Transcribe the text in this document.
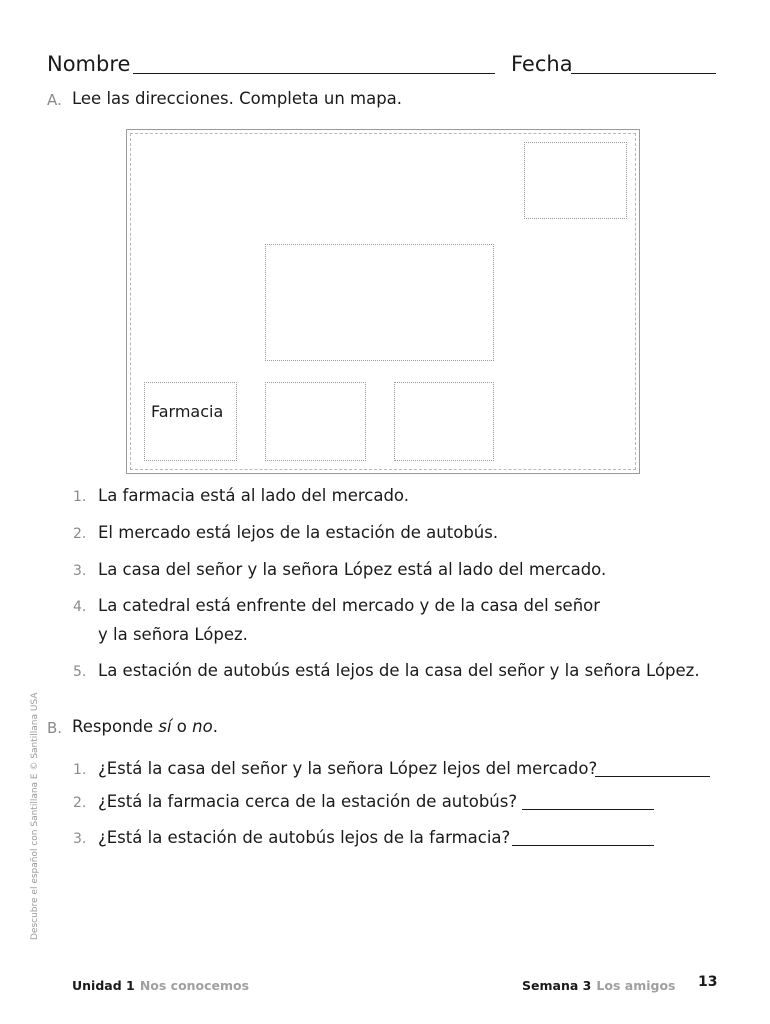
Nombre	Fecha
A. Lee las direcciones. Completa un mapa.
Farmacia
1. La farmacia está al lado del mercado.
2. El mercado está lejos de la estación de autobús.
3. La casa del señor y la señora López está al lado del mercado.
4. La catedral está enfrente del mercado y de la casa del señor
y la señora López.
5. La estación de autobús está lejos de la casa del señor y la señora López.
B. Responde sí o no.
1. ¿Está la casa del señor y la señora López lejos del mercado?
2. ¿Está la farmacia cerca de la estación de autobús?
3. ¿Está la estación de autobús lejos de la farmacia?
Descubre el español con Santillana E © Santillana USA
Unidad 1 Nos conocemos	Semana 3 Los amigos 13
